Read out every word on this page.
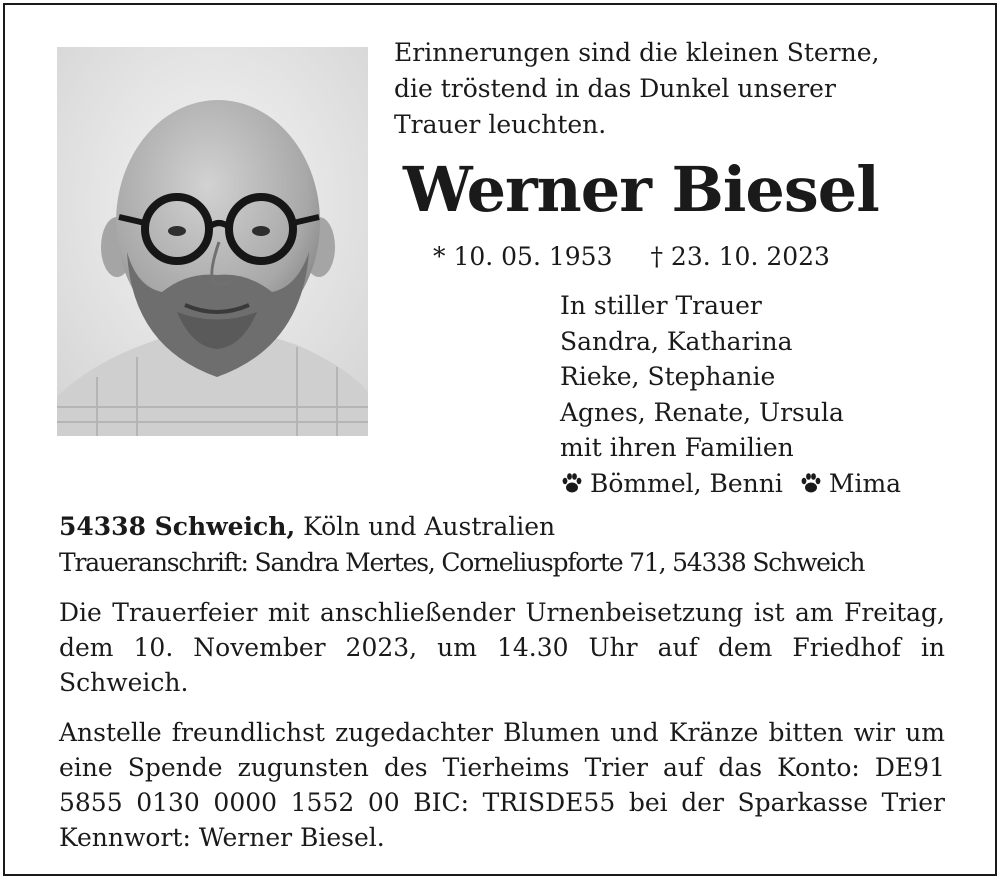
Erinnerungen sind die kleinen Sterne,
die tröstend in das Dunkel unserer
Trauer leuchten.
Werner Biesel
* 10. 05. 1953 † 23. 10. 2023
In stiller Trauer
Sandra, Katharina
Rieke, Stephanie
Agnes, Renate, Ursula
mit ihren Familien
Bömmel, Benni Mima
54338 Schweich, Köln und Australien
Traueranschrift: Sandra Mertes, Corneliuspforte 71, 54338 Schweich
Die Trauerfeier mit anschließender Urnenbeisetzung ist am Freitag, dem 10. November 2023, um 14.30 Uhr auf dem Friedhof in Schweich.
Anstelle freundlichst zugedachter Blumen und Kränze bitten wir um eine Spende zugunsten des Tierheims Trier auf das Konto: DE91 5855 0130 0000 1552 00 BIC: TRISDE55 bei der Sparkasse Trier Kennwort: Werner Biesel.
